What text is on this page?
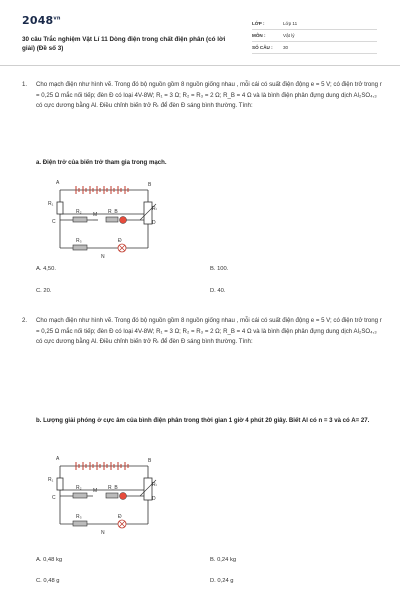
$2048^{vn}$
30 câu Trắc nghiệm Vật Lí 11 Dòng điện trong chất điện phân (có lời giải) (Đề số 3)
LỚP :	Lớp 11
MÔN :	Vật lý
SỐ CÂU :	30
1. Cho mạch điện như hình vẽ. Trong đó bộ nguồn gồm 8 nguồn giống nhau , mỗi cái có suất điện động e = 5 V; có điện trở trong r = 0,25 Ω mắc nối tiếp; đèn Đ có loại 4V-8W; R₁ = 3 Ω; R₂ = R₃ = 2 Ω; R_B = 4 Ω và là bình điện phân đựng dung dịch Al₂SO₄,₃ có cực dương bằng Al. Điều chỉnh biến trở Rₜ để đèn Đ sáng bình thường. Tính:
a. Điện trở của biến trở tham gia trong mạch.
A	B
C	D
M
N
R₁
R₂
R₃
R_B	Rₜ
Đ
A. 4,50.	B. 100.
C. 20.	D. 40.
2. Cho mạch điện như hình vẽ. Trong đó bộ nguồn gồm 8 nguồn giống nhau , mỗi cái có suất điện động e = 5 V; có điện trở trong r = 0,25 Ω mắc nối tiếp; đèn Đ có loại 4V-8W; R₁ = 3 Ω; R₂ = R₃ = 2 Ω; R_B = 4 Ω và là bình điện phân đựng dung dịch Al₂SO₄,₃ có cực dương bằng Al. Điều chỉnh biến trở Rₜ để đèn Đ sáng bình thường. Tính:
b. Lượng giải phóng ở cực âm của bình điện phân trong thời gian 1 giờ 4 phút 20 giây. Biết Al có n = 3 và có A= 27.
A	B
C	D
M
N
R₁
R₂
R₃
R_B	Rₜ
Đ
A. 0,48 kg	B. 0,24 kg
C. 0,48 g	D. 0,24 g
